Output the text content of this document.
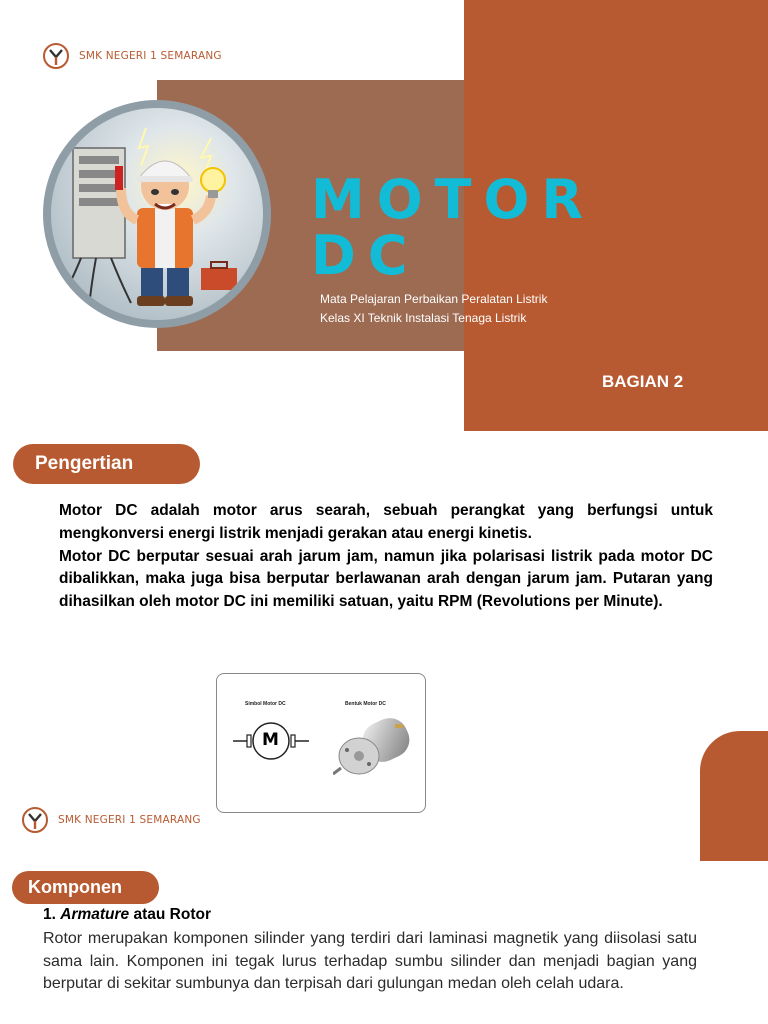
SMK NEGERI 1 SEMARANG
MOTOR
DC
Mata Pelajaran Perbaikan Peralatan Listrik
Kelas XI Teknik Instalasi Tenaga Listrik
BAGIAN 2
Pengertian

Motor DC adalah motor arus searah, sebuah perangkat yang berfungsi untuk mengkonversi energi listrik menjadi gerakan atau energi kinetis.

Motor DC berputar sesuai arah jarum jam, namun jika polarisasi listrik pada motor DC dibalikkan, maka juga bisa berputar berlawanan arah dengan jarum jam. Putaran yang dihasilkan oleh motor DC ini memiliki satuan, yaitu RPM (Revolutions per Minute).

Simbol Motor DC	Bentuk Motor DC
M
SMK NEGERI 1 SEMARANG
Komponen
1. Armature atau Rotor
Rotor merupakan komponen silinder yang terdiri dari laminasi magnetik yang diisolasi satu sama lain. Komponen ini tegak lurus terhadap sumbu silinder dan menjadi bagian yang berputar di sekitar sumbunya dan terpisah dari gulungan medan oleh celah udara.
